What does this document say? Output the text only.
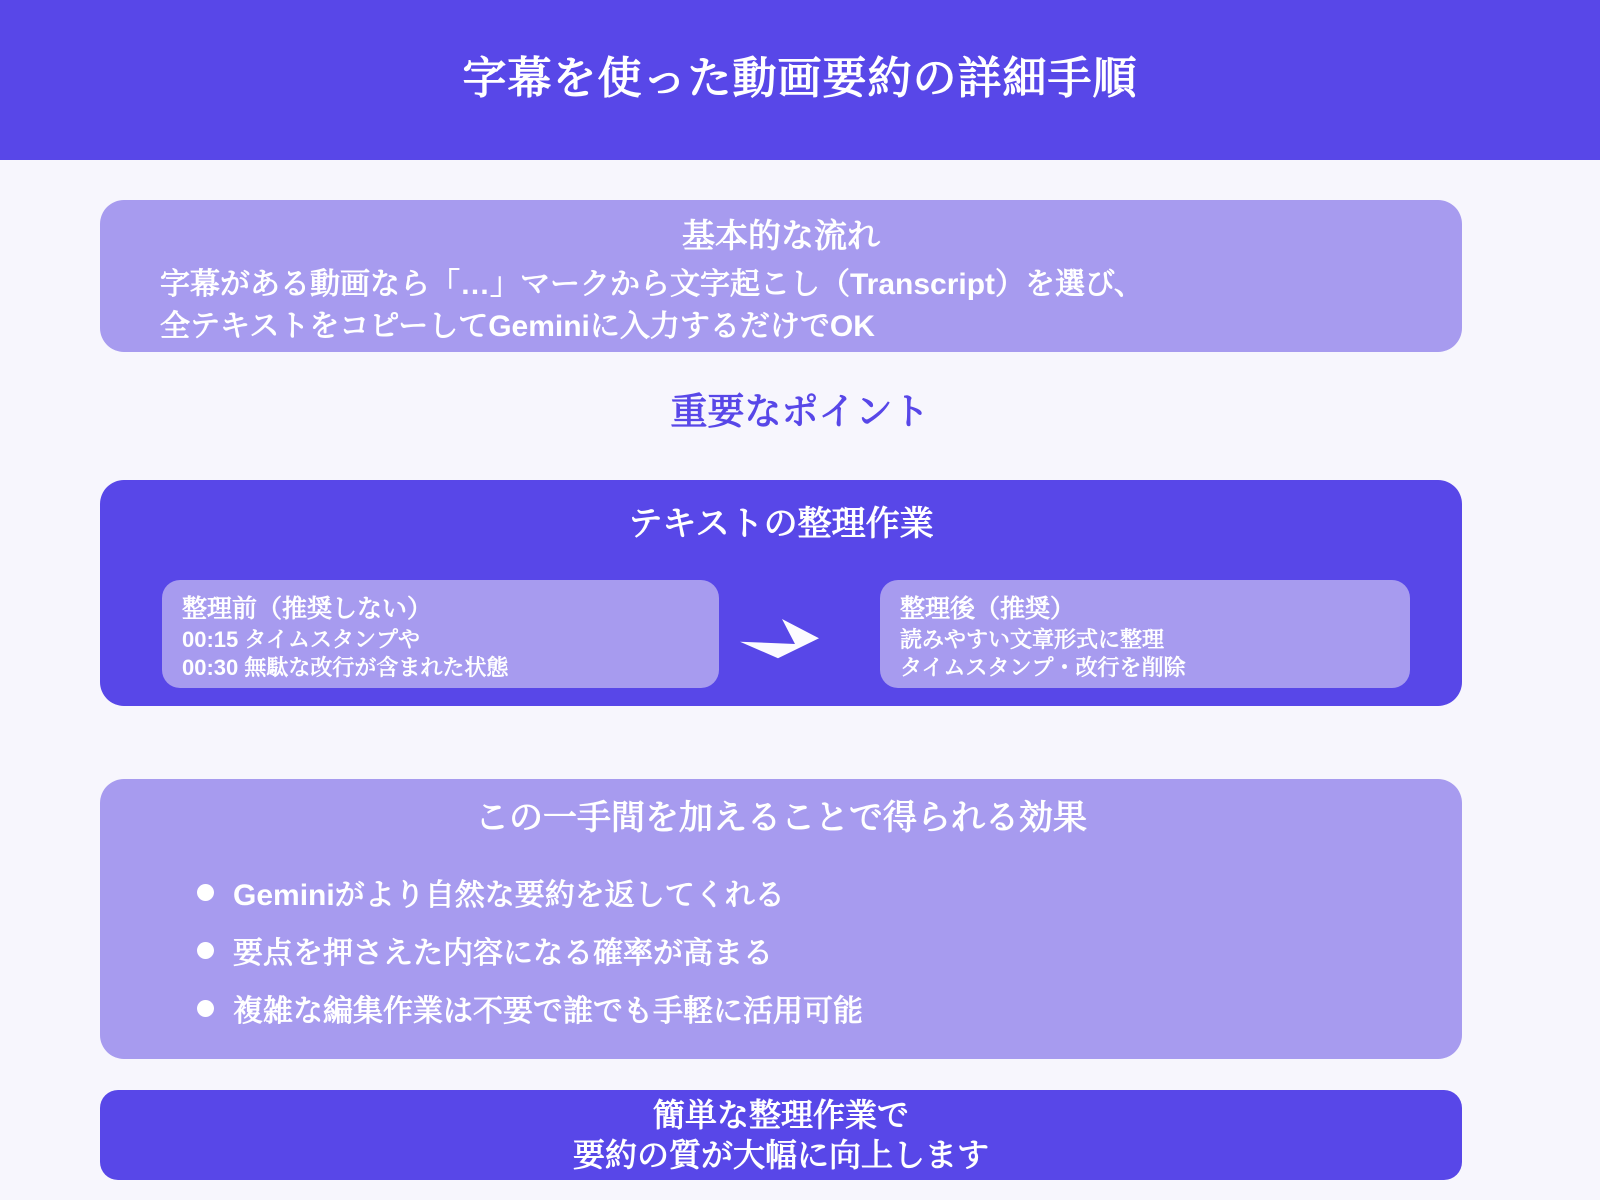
字幕を使った動画要約の詳細手順
基本的な流れ
字幕がある動画なら「…」マークから文字起こし（Transcript）を選び、
全テキストをコピーしてGeminiに入力するだけでOK
重要なポイント
テキストの整理作業
整理前（推奨しない）
00:15 タイムスタンプや
00:30 無駄な改行が含まれた状態
整理後（推奨）
読みやすい文章形式に整理
タイムスタンプ・改行を削除
この一手間を加えることで得られる効果
Geminiがより自然な要約を返してくれる
要点を押さえた内容になる確率が高まる
複雑な編集作業は不要で誰でも手軽に活用可能
簡単な整理作業で
要約の質が大幅に向上します
